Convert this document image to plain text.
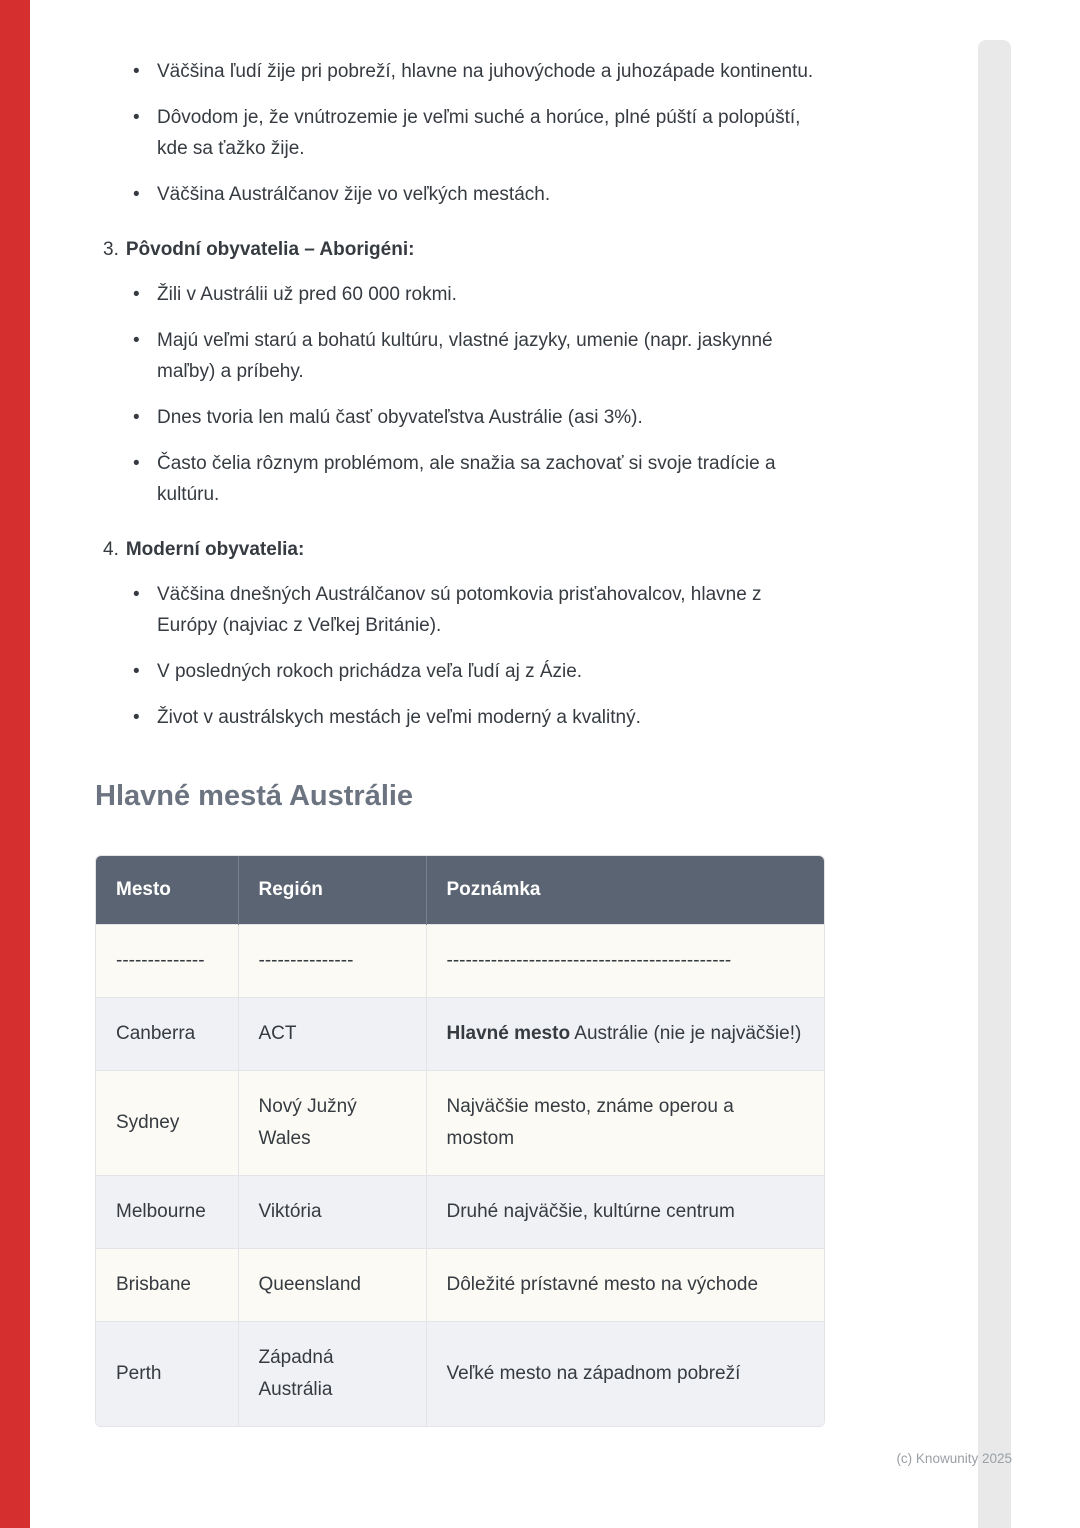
• Väčšina ľudí žije pri pobreží, hlavne na juhovýchode a juhozápade kontinentu.
• Dôvodom je, že vnútrozemie je veľmi suché a horúce, plné púští a polopúští, kde sa ťažko žije.
• Väčšina Austrálčanov žije vo veľkých mestách.
3. Pôvodní obyvatelia – Aborigéni:
• Žili v Austrálii už pred 60 000 rokmi.
• Majú veľmi starú a bohatú kultúru, vlastné jazyky, umenie (napr. jaskynné maľby) a príbehy.
• Dnes tvoria len malú časť obyvateľstva Austrálie (asi 3%).
• Často čelia rôznym problémom, ale snažia sa zachovať si svoje tradície a kultúru.
4. Moderní obyvatelia:
• Väčšina dnešných Austrálčanov sú potomkovia prisťahovalcov, hlavne z Európy (najviac z Veľkej Británie).
• V posledných rokoch prichádza veľa ľudí aj z Ázie.
• Život v austrálskych mestách je veľmi moderný a kvalitný.
Hlavné mestá Austrálie
Mesto	Región	Poznámka
--------------	---------------	---------------------------------------------
Canberra	ACT	Hlavné mesto Austrálie (nie je najväčšie!)
Sydney	Nový Južný Wales	Najväčšie mesto, známe operou a mostom
Melbourne	Viktória	Druhé najväčšie, kultúrne centrum
Brisbane	Queensland	Dôležité prístavné mesto na východe
Perth	Západná Austrália	Veľké mesto na západnom pobreží
(c) Knowunity 2025
